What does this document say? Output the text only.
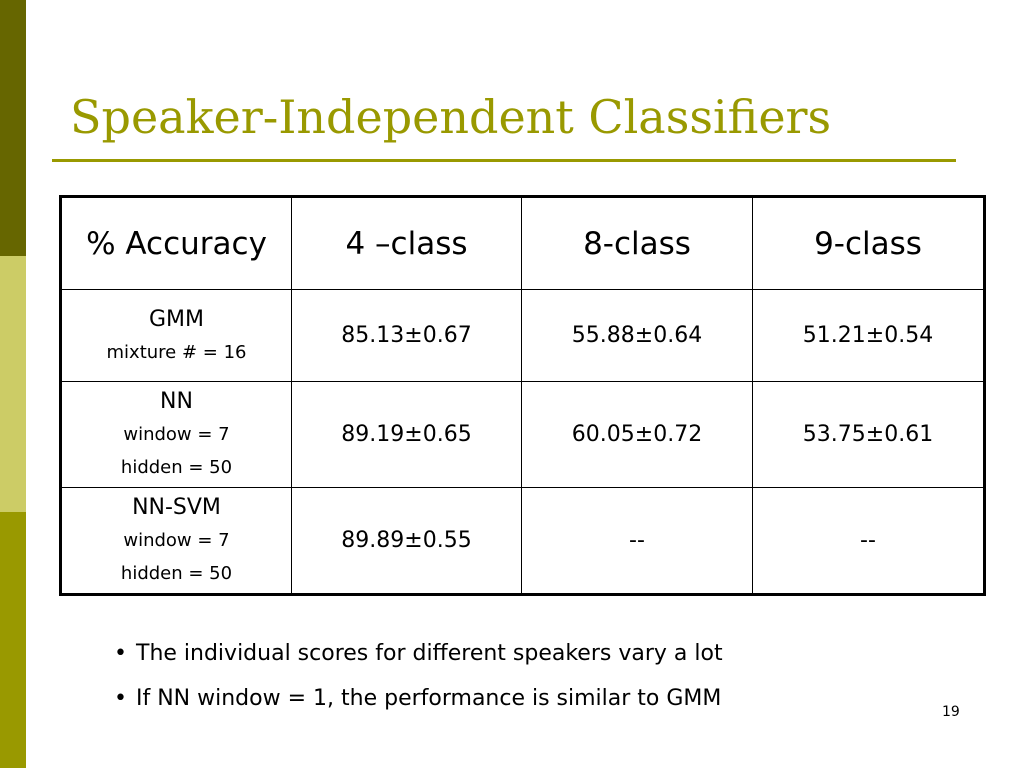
Speaker-Independent Classifiers
% Accuracy	4 –class	8-class	9-class

GMM
mixture # = 16	85.13±0.67	55.88±0.64	51.21±0.54

NN
window = 7
hidden = 50	89.19±0.65	60.05±0.72	53.75±0.61

NN-SVM
window = 7
hidden = 50	89.89±0.55	--	--
• The individual scores for different speakers vary a lot
• If NN window = 1, the performance is similar to GMM
19
